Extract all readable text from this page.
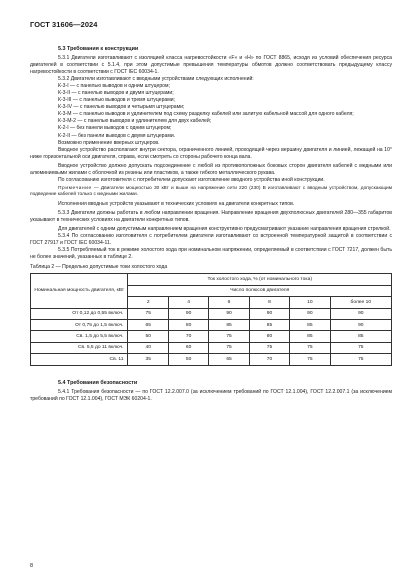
ГОСТ 31606—2024
5.3 Требования к конструкции

5.3.1 Двигатели изготавливают с изоляцией класса нагревостойкости «F» и «H» по ГОСТ 8865, исходя из условий обеспечения ресурса двигателей в соответствии с 5.1.4, при этом допустимые превышения температуры обмотов должно соответствовать предыдущему классу нагревостойкости в соответствии с ГОСТ IEC 60034-1.

5.3.2 Двигатели изготавливают с вводными устройствами следующих исполнений:

К-3-I — с панелью выводов и одним штуцером;

К-3-II — с панелью выводов и двумя штуцерами;

К-3-III — с панелью выводов и тремя штуцерами;

К-3-IV — с панелью выводов и четырьмя штуцерами;

К-3-М — с панелью выводов и удлинителем под схему разделку кабелей или залитую кабельной массой для одного кабеля;

К-3-М-2 — с панелью выводов и удлинителем для двух кабелей;

К-2-I — без панели выводов с одним штуцером;

К-2-II — без панели выводов с двумя штуцерами.

Возможно применение вверных штуцеров.

Вводное устройство располагают внутри сектора, ограниченного линией, проходящей через вершину двигателя и линией, лежащей на 10° ниже горизонтальной оси двигателя, справа, если смотреть со стороны рабочего конца вала.

Вводное устройство должно допускать подсоединение с любой из противоположных боковых сторон двигателя кабелей с медными или алюминиевыми жилами с оболочкой из резины или пластиков, а также гибкого металлического рукава.

По согласованию изготовителя с потребителем допускают изготовление вводного устройства иной конструкции.

Примечание — Двигатели мощностью 30 кВт и выше на напряжение сети 220 (230) В изготавливают с вводным устройством, допускающим подведение кабелей только с медными жилами.

Исполнения вводных устройств указывают в технических условиях на двигатели конкретных типов.

5.3.3 Двигатели должны работать в любом направлении вращения. Направление вращения двухполюсных двигателей 280—355 габаритов указывают в технических условиях на двигатели конкретных типов.

Для двигателей с одним допустимым направлением вращения конструктивно предусматривают указание направления вращения стрелкой.

5.3.4 По согласованию изготовителя с потребителем двигатели изготавливают со встроенной температурной защитой в соответствии с ГОСТ 27917 и ГОСТ IEC 60034-11.

5.3.5 Потребляемый ток в режиме холостого хода при номинальном напряжении, определяемый в соответствии с ГОСТ 7217, должен быть не более значений, указанных в таблице 2.

Таблица 2 — Предельно допустимые токи холостого хода
Номинальная мощность двигателя, кВт	Ток холостого хода, % (от номинального тока)					
	Число полюсов двигателя					
	2	4	6	8	10	более 10
От 0,12 до 0,55 включ.	75	90	90	90	90	90
От 0,75 до 1,5 включ.	65	80	85	85	85	90
Св. 1,5 до 5,5 включ.	50	70	75	80	85	85
Св. 5,5 до 11 включ.	40	60	75	75	75	75
Св. 11	35	50	65	70	75	75
5.4 Требования безопасности

5.4.1 Требования безопасности — по ГОСТ 12.2.007.0 (за исключением требований по ГОСТ 12.1.004), ГОСТ 12.2.007.1 (за исключением требований по ГОСТ 12.1.004), ГОСТ МЭК 60204-1.

8
